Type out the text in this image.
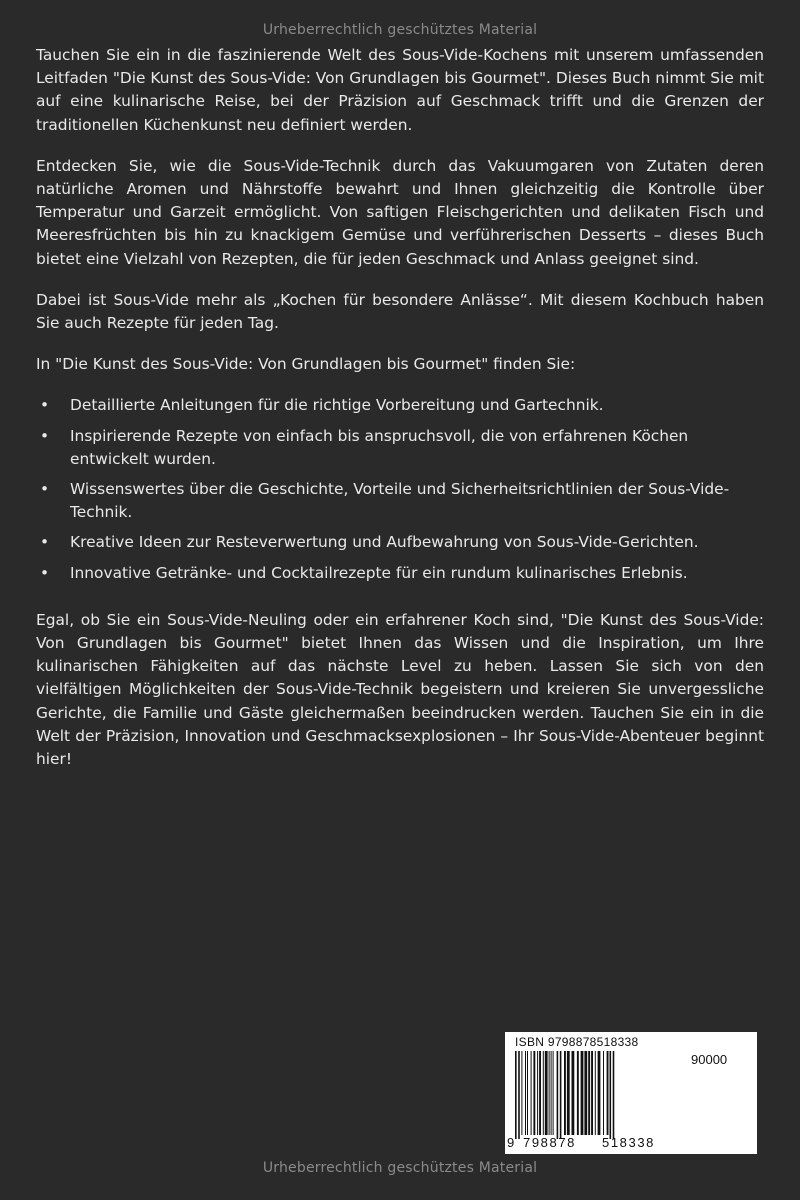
Urheberrechtlich geschütztes Material

Tauchen Sie ein in die faszinierende Welt des Sous-Vide-Kochens mit unserem umfassenden Leitfaden "Die Kunst des Sous-Vide: Von Grundlagen bis Gourmet". Dieses Buch nimmt Sie mit auf eine kulinarische Reise, bei der Präzision auf Geschmack trifft und die Grenzen der traditionellen Küchenkunst neu definiert werden.

Entdecken Sie, wie die Sous-Vide-Technik durch das Vakuumgaren von Zutaten deren natürliche Aromen und Nährstoffe bewahrt und Ihnen gleichzeitig die Kontrolle über Temperatur und Garzeit ermöglicht. Von saftigen Fleischgerichten und delikaten Fisch und Meeresfrüchten bis hin zu knackigem Gemüse und verführerischen Desserts – dieses Buch bietet eine Vielzahl von Rezepten, die für jeden Geschmack und Anlass geeignet sind.

Dabei ist Sous-Vide mehr als „Kochen für besondere Anlässe“. Mit diesem Kochbuch haben Sie auch Rezepte für jeden Tag.

In "Die Kunst des Sous-Vide: Von Grundlagen bis Gourmet" finden Sie:

• Detaillierte Anleitungen für die richtige Vorbereitung und Gartechnik.
• Inspirierende Rezepte von einfach bis anspruchsvoll, die von erfahrenen Köchen entwickelt wurden.
• Wissenswertes über die Geschichte, Vorteile und Sicherheitsrichtlinien der Sous-Vide-Technik.
• Kreative Ideen zur Resteverwertung und Aufbewahrung von Sous-Vide-Gerichten.
• Innovative Getränke- und Cocktailrezepte für ein rundum kulinarisches Erlebnis.

Egal, ob Sie ein Sous-Vide-Neuling oder ein erfahrener Koch sind, "Die Kunst des Sous-Vide: Von Grundlagen bis Gourmet" bietet Ihnen das Wissen und die Inspiration, um Ihre kulinarischen Fähigkeiten auf das nächste Level zu heben. Lassen Sie sich von den vielfältigen Möglichkeiten der Sous-Vide-Technik begeistern und kreieren Sie unvergessliche Gerichte, die Familie und Gäste gleichermaßen beeindrucken werden. Tauchen Sie ein in die Welt der Präzision, Innovation und Geschmacksexplosionen – Ihr Sous-Vide-Abenteuer beginnt hier!

ISBN 9798878518338
90000
9 798878 518338
Urheberrechtlich geschütztes Material
